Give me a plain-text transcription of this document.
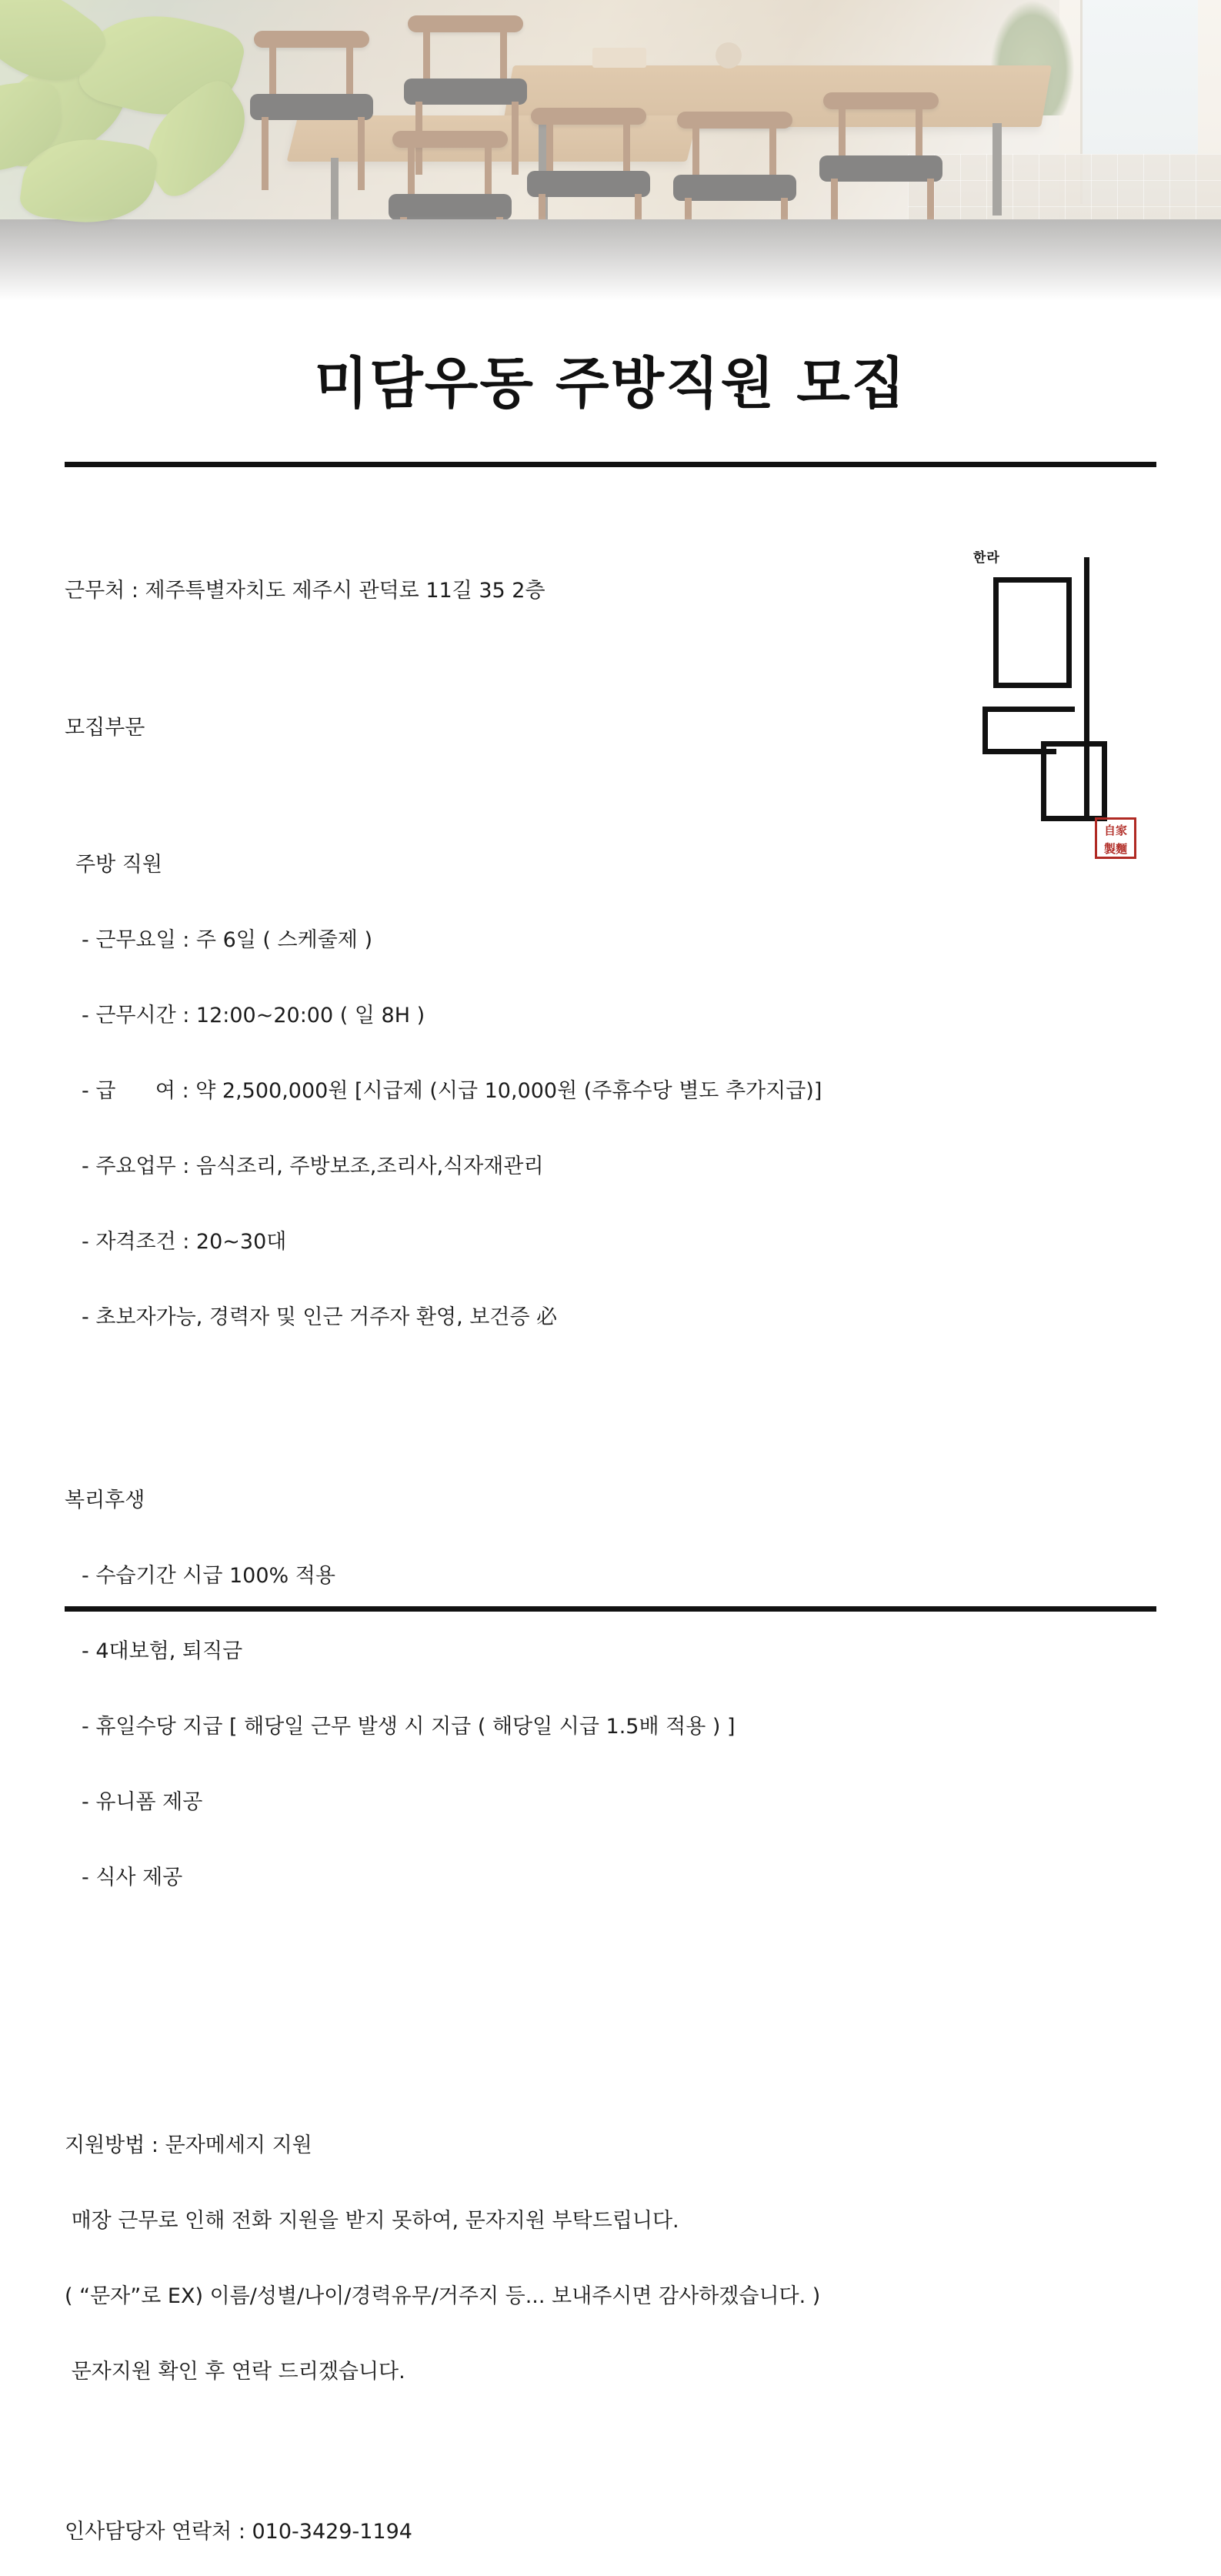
미담우동 주방직원 모집

근무처 : 제주특별자치도 제주시 관덕로 11길 35 2층

모집부문

주방 직원

- 근무요일 : 주 6일 ( 스케줄제 )

- 근무시간 : 12:00~20:00 ( 일 8H )

- 급      여 : 약 2,500,000원 [시급제 (시급 10,000원 (주휴수당 별도 추가지급)]

- 주요업무 : 음식조리, 주방보조,조리사,식자재관리

- 자격조건 : 20~30대

- 초보자가능, 경력자 및 인근 거주자 환영, 보건증 必

복리후생

- 수습기간 시급 100% 적용

- 4대보험, 퇴직금

- 휴일수당 지급 [ 해당일 근무 발생 시 지급 ( 해당일 시급 1.5배 적용 ) ]

- 유니폼 제공

- 식사 제공

지원방법 : 문자메세지 지원

매장 근무로 인해 전화 지원을 받지 못하여, 문자지원 부탁드립니다.

( “문자”로 EX) 이름/성별/나이/경력유무/거주지 등... 보내주시면 감사하겠습니다. )

문자지원 확인 후 연락 드리겠습니다.

인사담당자 연락처 : 010-3429-1194

한라
自家
製麵
